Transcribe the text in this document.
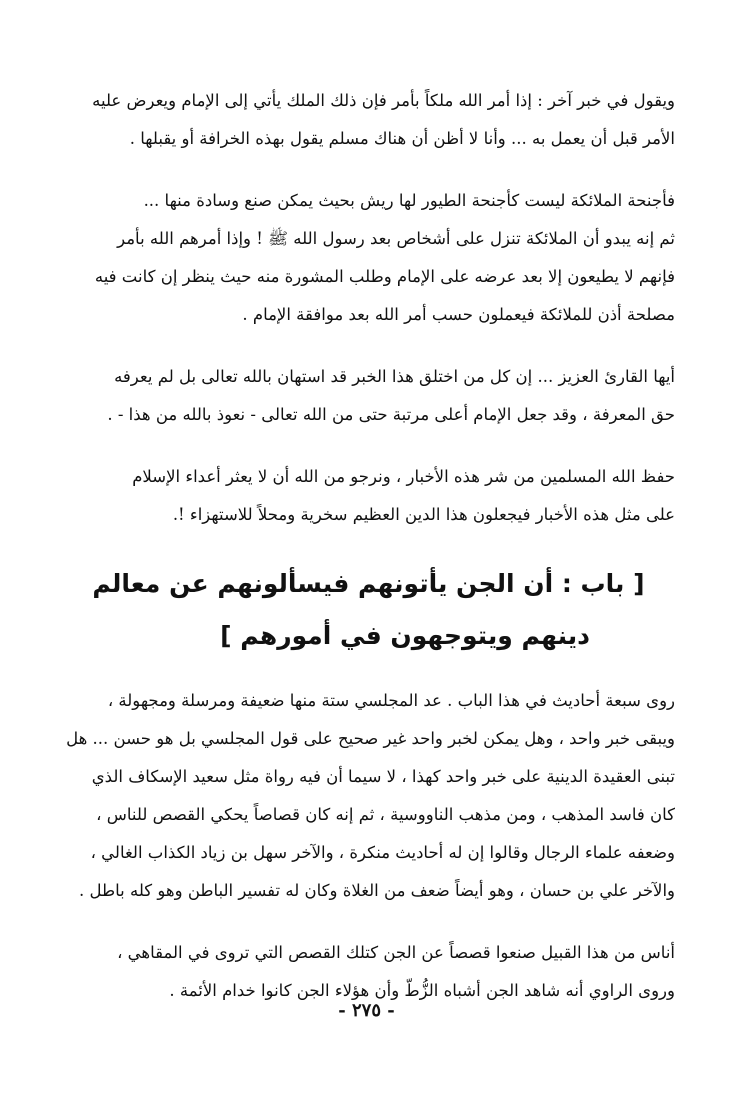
ويقول في خبر آخر : إذا أمر الله ملكاً بأمر فإن ذلك الملك يأتي إلى الإمام ويعرض عليه
الأمر قبل أن يعمل به ... وأنا لا أظن أن هناك مسلم يقول بهذه الخرافة أو يقبلها .

فأجنحة الملائكة ليست كأجنحة الطيور لها ريش بحيث يمكن صنع وسادة منها ...
ثم إنه يبدو أن الملائكة تنزل على أشخاص بعد رسول الله ﷺ ! وإذا أمرهم الله بأمر
فإنهم لا يطيعون إلا بعد عرضه على الإمام وطلب المشورة منه حيث ينظر إن كانت فيه
مصلحة أذن للملائكة فيعملون حسب أمر الله بعد موافقة الإمام .

أيها القارئ العزيز ... إن كل من اختلق هذا الخبر قد استهان بالله تعالى بل لم يعرفه
حق المعرفة ، وقد جعل الإمام أعلى مرتبة حتى من الله تعالى - نعوذ بالله من هذا - .

حفظ الله المسلمين من شر هذه الأخبار ، ونرجو من الله أن لا يعثر أعداء الإسلام
على مثل هذه الأخبار فيجعلون هذا الدين العظيم سخرية ومحلاً للاستهزاء !.

[ باب : أن الجن يأتونهم فيسألونهم عن معالم
دينهم ويتوجهون في أمورهم ]

روى سبعة أحاديث في هذا الباب . عد المجلسي ستة منها ضعيفة ومرسلة ومجهولة ،
ويبقى خبر واحد ، وهل يمكن لخبر واحد غير صحيح على قول المجلسي بل هو حسن ... هل
تبنى العقيدة الدينية على خبر واحد كهذا ، لا سيما أن فيه رواة مثل سعيد الإسكاف الذي
كان فاسد المذهب ، ومن مذهب الناووسية ، ثم إنه كان قصاصاً يحكي القصص للناس ،
وضعفه علماء الرجال وقالوا إن له أحاديث منكرة ، والآخر سهل بن زياد الكذاب الغالي ،
والآخر علي بن حسان ، وهو أيضاً ضعف من الغلاة وكان له تفسير الباطن وهو كله باطل .

أناس من هذا القبيل صنعوا قصصاً عن الجن كتلك القصص التي تروى في المقاهي ،
وروى الراوي أنه شاهد الجن أشباه الزُّطّ وأن هؤلاء الجن كانوا خدام الأئمة .

- ٢٧٥ -
